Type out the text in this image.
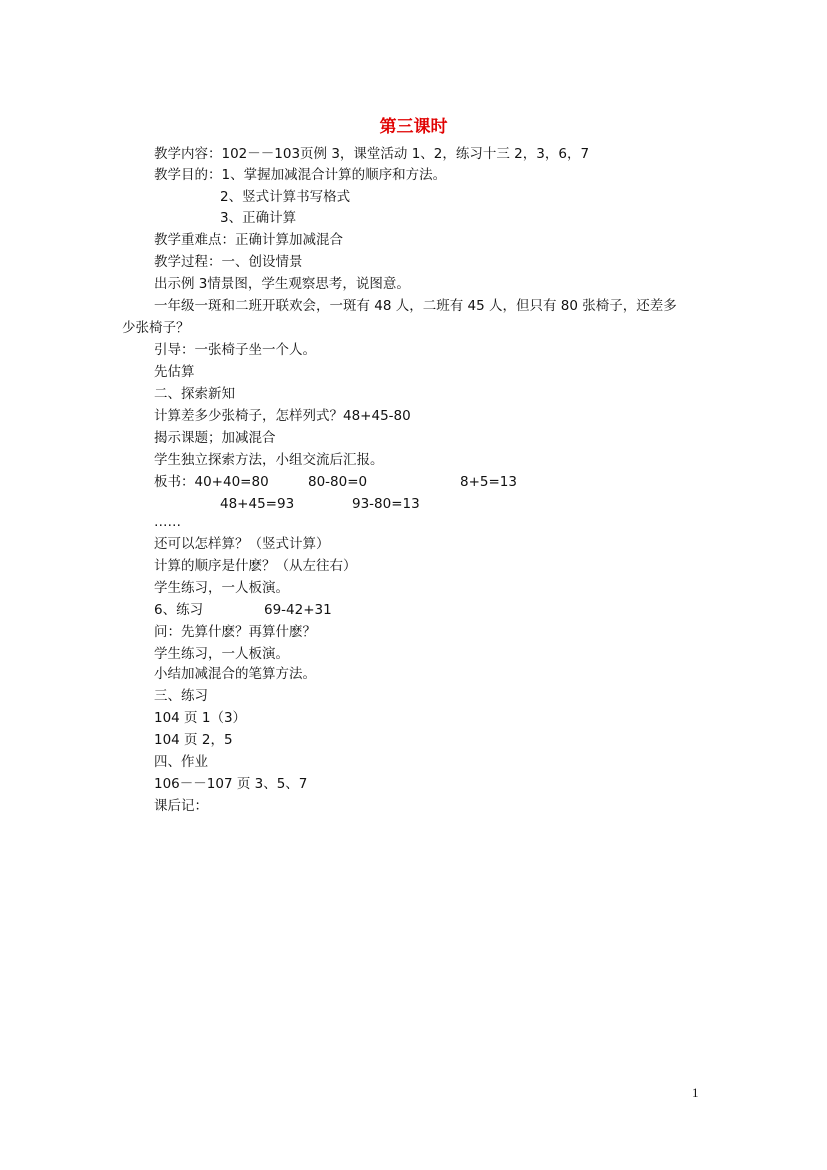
第三课时
教学内容：102－－103页例 3，课堂活动 1、2，练习十三 2，3，6，7
教学目的：1、掌握加减混合计算的顺序和方法。
2、竖式计算书写格式
3、正确计算
教学重难点：正确计算加减混合
教学过程：一、创设情景
出示例 3情景图，学生观察思考，说图意。
一年级一斑和二班开联欢会，一斑有 48 人，二班有 45 人，但只有 80 张椅子，还差多
少张椅子？
引导：一张椅子坐一个人。
先估算
二、探索新知
计算差多少张椅子，怎样列式？48+45-80
揭示课题；加减混合
学生独立探索方法，小组交流后汇报。
板书：40+40=80	80-80=0	8+5=13
48+45=93	93-80=13
……
还可以怎样算？（竖式计算）
计算的顺序是什麽？（从左往右）
学生练习，一人板演。
6、练习	69-42+31
问：先算什麽？再算什麽？
学生练习，一人板演。
小结加减混合的笔算方法。
三、练习
104 页 1（3）
104 页 2，5
四、作业
106－－107 页 3、5、7
课后记：
1
